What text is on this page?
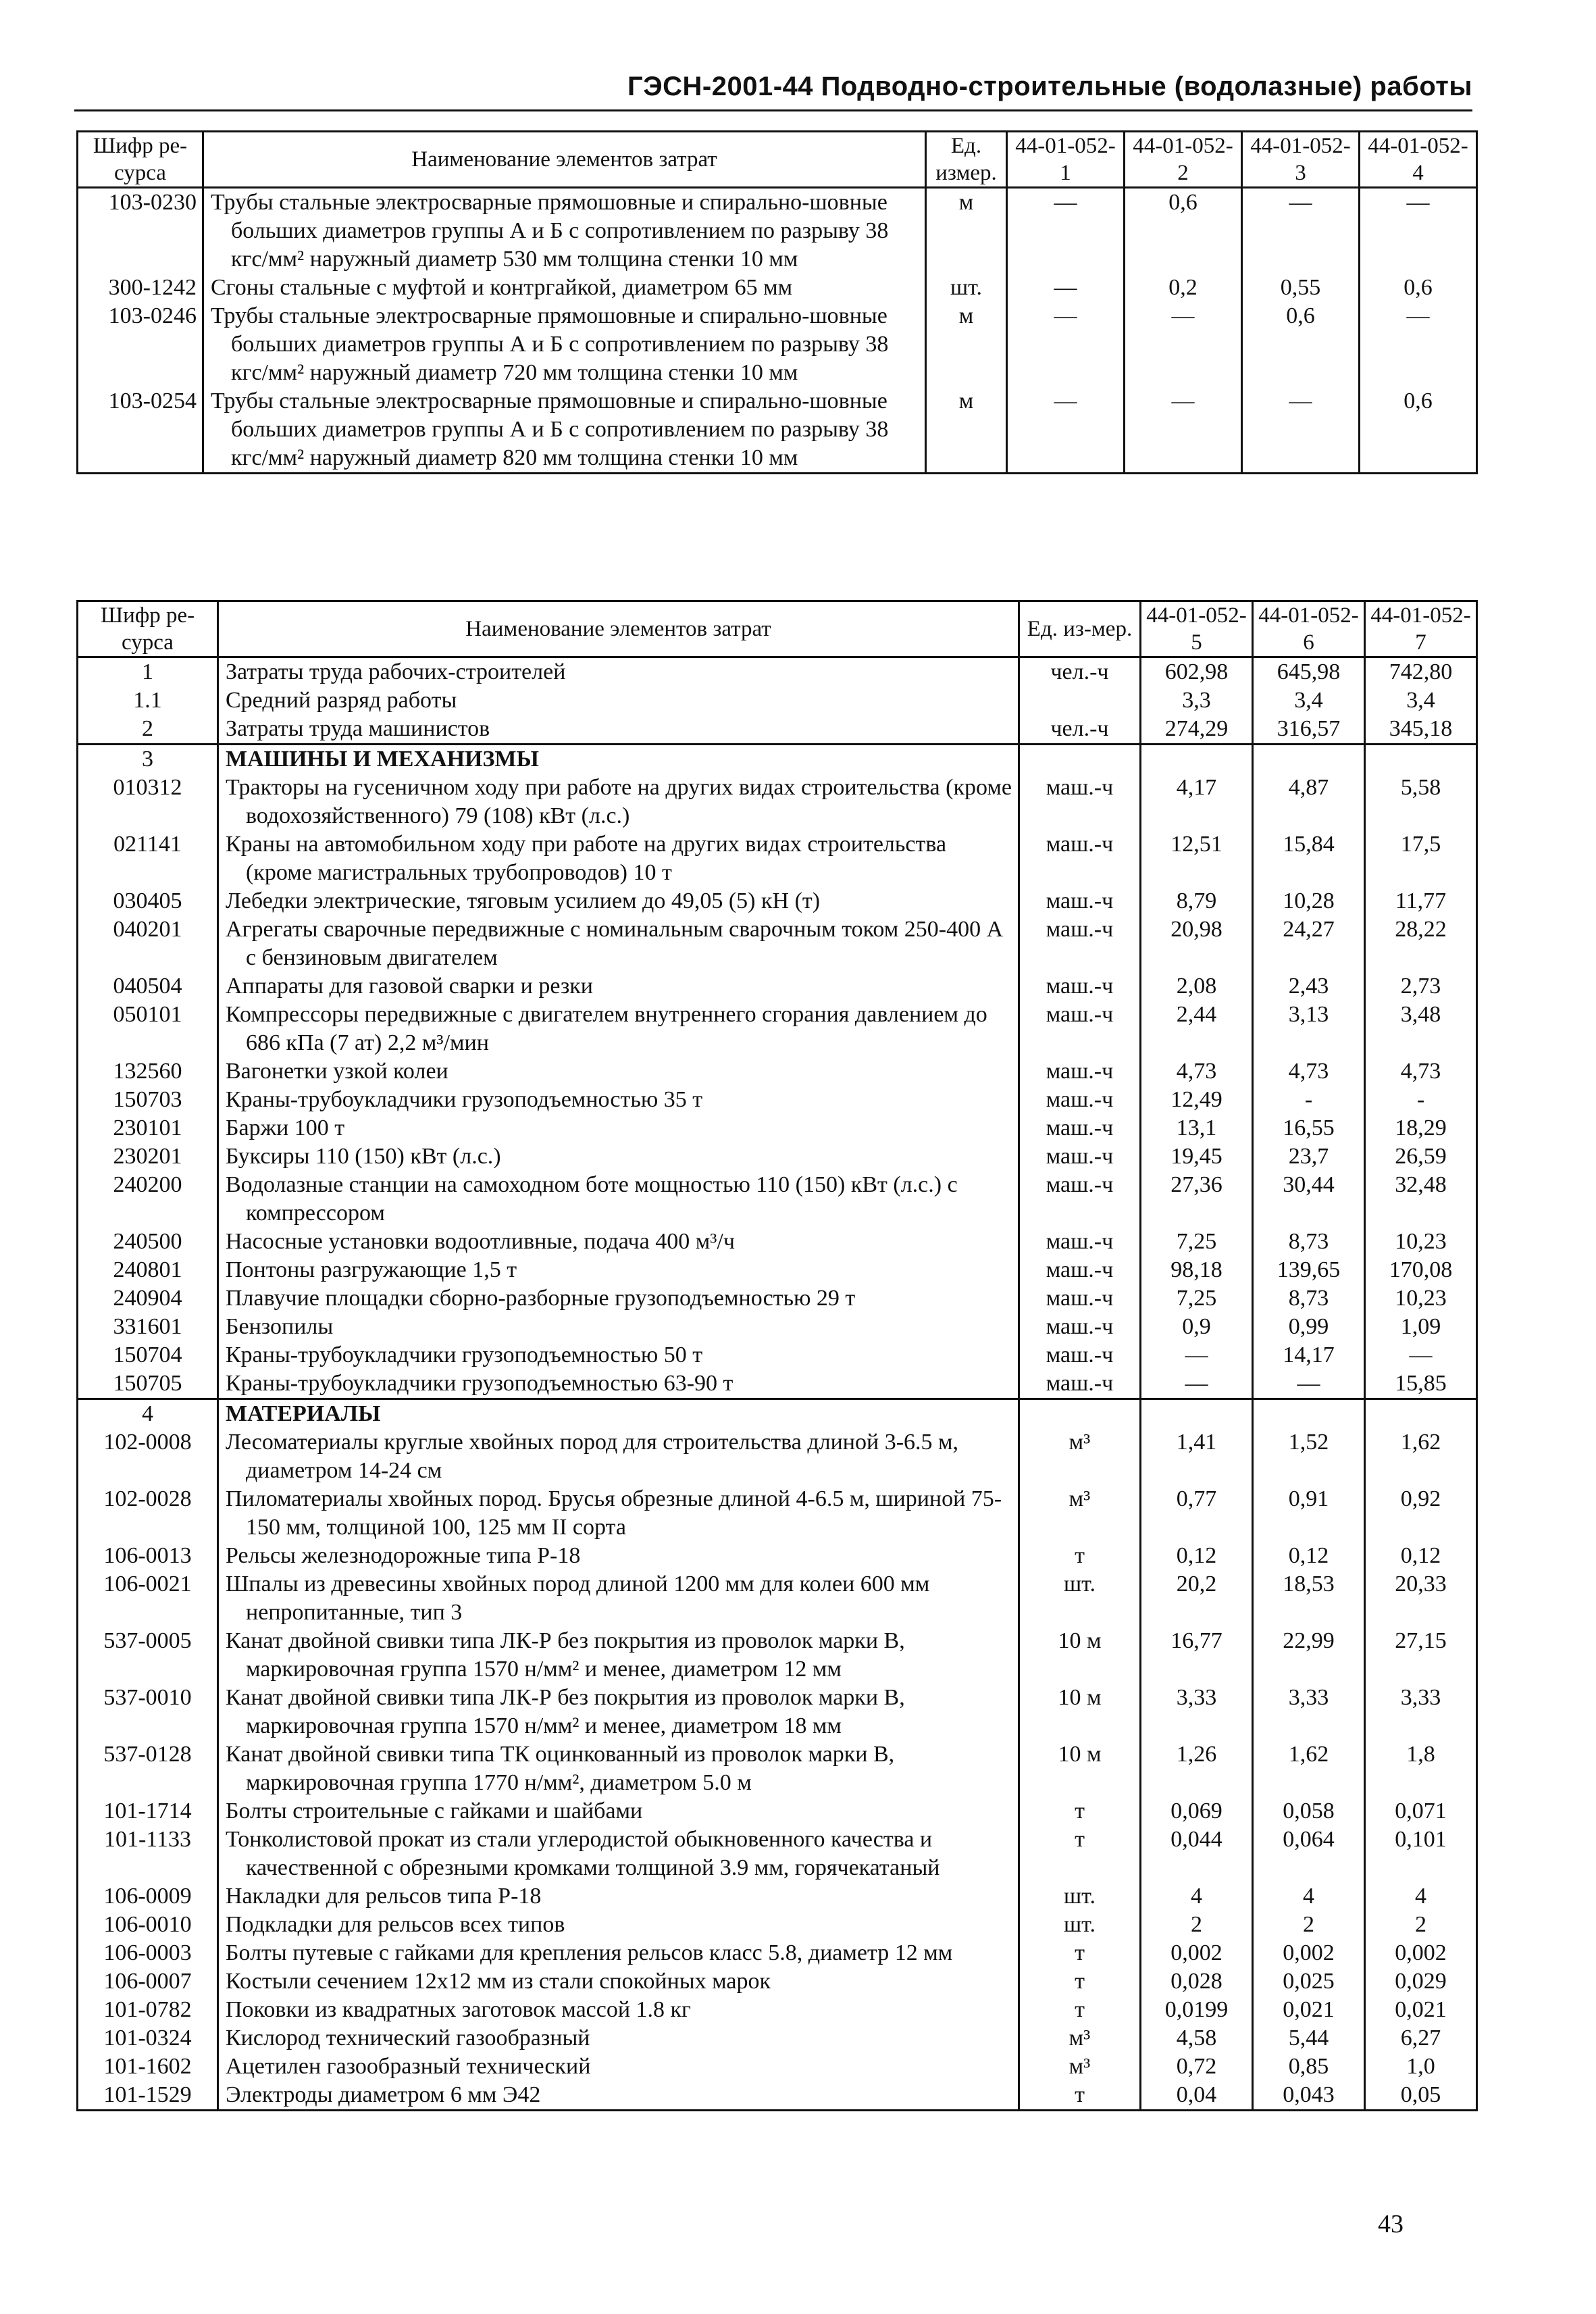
ГЭСН-2001-44 Подводно-строительные (водолазные) работы
Шифр ре-сурса	Наименование элементов затрат	Ед. измер.	44-01-052-1	44-01-052-2	44-01-052-3	44-01-052-4
103-0230	Трубы стальные электросварные прямошовные и спирально-шовные больших диаметров группы А и Б с сопротивлением по разрыву 38 кгс/мм² наружный диаметр 530 мм толщина стенки 10 мм	м	—	0,6	—	—
300-1242	Сгоны стальные с муфтой и контргайкой, диаметром 65 мм	шт.	—	0,2	0,55	0,6
103-0246	Трубы стальные электросварные прямошовные и спирально-шовные больших диаметров группы А и Б с сопротивлением по разрыву 38 кгс/мм² наружный диаметр 720 мм толщина стенки 10 мм	м	—	—	0,6	—
103-0254	Трубы стальные электросварные прямошовные и спирально-шовные больших диаметров группы А и Б с сопротивлением по разрыву 38 кгс/мм² наружный диаметр 820 мм толщина стенки 10 мм	м	—	—	—	0,6
Шифр ре-сурса	Наименование элементов затрат	Ед. из-мер.	44-01-052-5	44-01-052-6	44-01-052-7
1	Затраты труда рабочих-строителей	чел.-ч	602,98	645,98	742,80
1.1	Средний разряд работы		3,3	3,4	3,4
2	Затраты труда машинистов	чел.-ч	274,29	316,57	345,18
3	МАШИНЫ И МЕХАНИЗМЫ				
010312	Тракторы на гусеничном ходу при работе на других видах строительства (кроме водохозяйственного) 79 (108) кВт (л.с.)	маш.-ч	4,17	4,87	5,58
021141	Краны на автомобильном ходу при работе на других видах строительства (кроме магистральных трубопроводов) 10 т	маш.-ч	12,51	15,84	17,5
030405	Лебедки электрические, тяговым усилием до 49,05 (5) кН (т)	маш.-ч	8,79	10,28	11,77
040201	Агрегаты сварочные передвижные с номинальным сварочным током 250-400 А с бензиновым двигателем	маш.-ч	20,98	24,27	28,22
040504	Аппараты для газовой сварки и резки	маш.-ч	2,08	2,43	2,73
050101	Компрессоры передвижные с двигателем внутреннего сгорания давлением до 686 кПа (7 ат) 2,2 м³/мин	маш.-ч	2,44	3,13	3,48
132560	Вагонетки узкой колеи	маш.-ч	4,73	4,73	4,73
150703	Краны-трубоукладчики грузоподъемностью 35 т	маш.-ч	12,49	-	-
230101	Баржи 100 т	маш.-ч	13,1	16,55	18,29
230201	Буксиры 110 (150) кВт (л.с.)	маш.-ч	19,45	23,7	26,59
240200	Водолазные станции на самоходном боте мощностью 110 (150) кВт (л.с.) с компрессором	маш.-ч	27,36	30,44	32,48
240500	Насосные установки водоотливные, подача 400 м³/ч	маш.-ч	7,25	8,73	10,23
240801	Понтоны разгружающие 1,5 т	маш.-ч	98,18	139,65	170,08
240904	Плавучие площадки сборно-разборные грузоподъемностью 29 т	маш.-ч	7,25	8,73	10,23
331601	Бензопилы	маш.-ч	0,9	0,99	1,09
150704	Краны-трубоукладчики грузоподъемностью 50 т	маш.-ч	—	14,17	—
150705	Краны-трубоукладчики грузоподъемностью 63-90 т	маш.-ч	—	—	15,85
4	МАТЕРИАЛЫ				
102-0008	Лесоматериалы круглые хвойных пород для строительства длиной 3-6.5 м, диаметром 14-24 см	м³	1,41	1,52	1,62
102-0028	Пиломатериалы хвойных пород. Брусья обрезные длиной 4-6.5 м, шириной 75-150 мм, толщиной 100, 125 мм II сорта	м³	0,77	0,91	0,92
106-0013	Рельсы железнодорожные типа Р-18	т	0,12	0,12	0,12
106-0021	Шпалы из древесины хвойных пород длиной 1200 мм для колеи 600 мм непропитанные, тип 3	шт.	20,2	18,53	20,33
537-0005	Канат двойной свивки типа ЛК-Р без покрытия из проволок марки В, маркировочная группа 1570 н/мм² и менее, диаметром 12 мм	10 м	16,77	22,99	27,15
537-0010	Канат двойной свивки типа ЛК-Р без покрытия из проволок марки В, маркировочная группа 1570 н/мм² и менее, диаметром 18 мм	10 м	3,33	3,33	3,33
537-0128	Канат двойной свивки типа ТК оцинкованный из проволок марки В, маркировочная группа 1770 н/мм², диаметром 5.0 м	10 м	1,26	1,62	1,8
101-1714	Болты строительные с гайками и шайбами	т	0,069	0,058	0,071
101-1133	Тонколистовой прокат из стали углеродистой обыкновенного качества и качественной с обрезными кромками толщиной 3.9 мм, горячекатаный	т	0,044	0,064	0,101
106-0009	Накладки для рельсов типа Р-18	шт.	4	4	4
106-0010	Подкладки для рельсов всех типов	шт.	2	2	2
106-0003	Болты путевые с гайками для крепления рельсов класс 5.8, диаметр 12 мм	т	0,002	0,002	0,002
106-0007	Костыли сечением 12х12 мм из стали спокойных марок	т	0,028	0,025	0,029
101-0782	Поковки из квадратных заготовок массой 1.8 кг	т	0,0199	0,021	0,021
101-0324	Кислород технический газообразный	м³	4,58	5,44	6,27
101-1602	Ацетилен газообразный технический	м³	0,72	0,85	1,0
101-1529	Электроды диаметром 6 мм Э42	т	0,04	0,043	0,05
43
